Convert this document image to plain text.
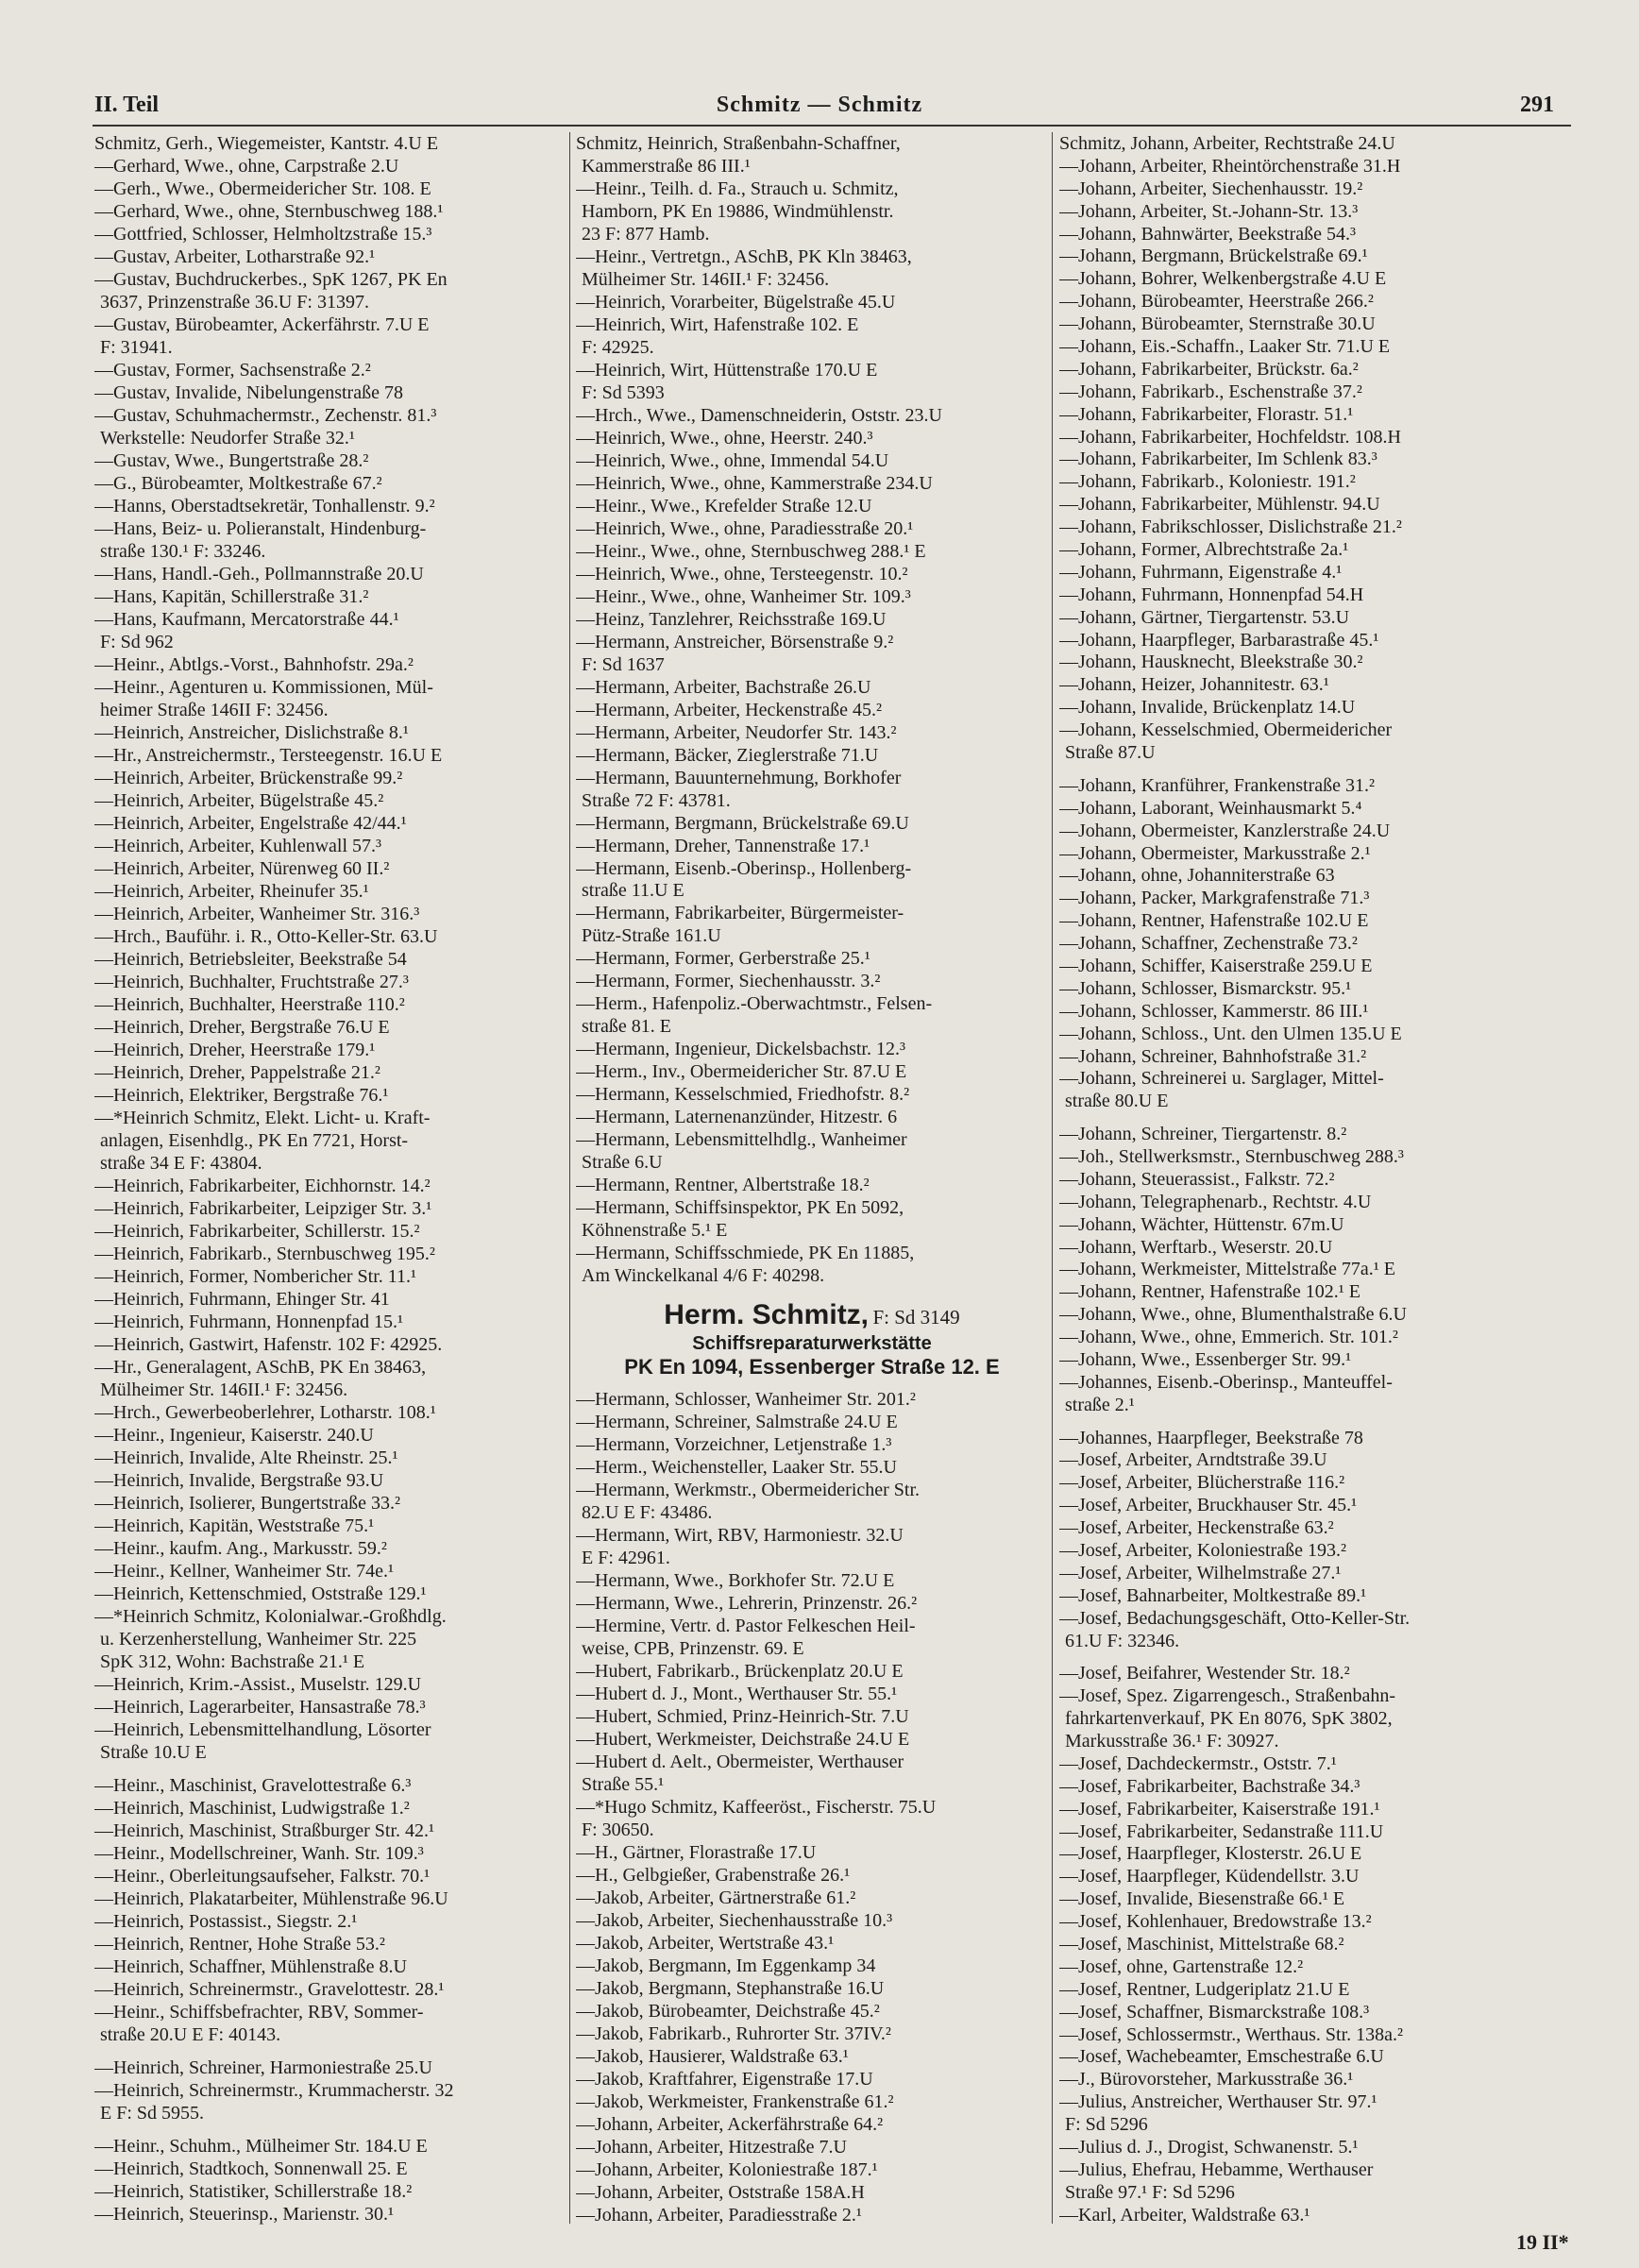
II. Teil	Schmitz — Schmitz	291
Schmitz, Gerh., Wiegemeister, Kantstr. 4.U E
—Gerhard, Wwe., ohne, Carpstraße 2.U
—Gerh., Wwe., Obermeidericher Str. 108. E
—Gerhard, Wwe., ohne, Sternbuschweg 188.¹
—Gottfried, Schlosser, Helmholtzstraße 15.³
—Gustav, Arbeiter, Lotharstraße 92.¹
—Gustav, Buchdruckerbes., SpK 1267, PK En
3637, Prinzenstraße 36.U F: 31397.
—Gustav, Bürobeamter, Ackerfährstr. 7.U E
F: 31941.
—Gustav, Former, Sachsenstraße 2.²
—Gustav, Invalide, Nibelungenstraße 78
—Gustav, Schuhmachermstr., Zechenstr. 81.³
Werkstelle: Neudorfer Straße 32.¹
—Gustav, Wwe., Bungertstraße 28.²
—G., Bürobeamter, Moltkestraße 67.²
—Hanns, Oberstadtsekretär, Tonhallenstr. 9.²
—Hans, Beiz- u. Polieranstalt, Hindenburg-
straße 130.¹ F: 33246.
—Hans, Handl.-Geh., Pollmannstraße 20.U
—Hans, Kapitän, Schillerstraße 31.²
—Hans, Kaufmann, Mercatorstraße 44.¹
F: Sd 962
—Heinr., Abtlgs.-Vorst., Bahnhofstr. 29a.²
—Heinr., Agenturen u. Kommissionen, Mül-
heimer Straße 146II F: 32456.
—Heinrich, Anstreicher, Dislichstraße 8.¹
—Hr., Anstreichermstr., Tersteegenstr. 16.U E
—Heinrich, Arbeiter, Brückenstraße 99.²
—Heinrich, Arbeiter, Bügelstraße 45.²
—Heinrich, Arbeiter, Engelstraße 42/44.¹
—Heinrich, Arbeiter, Kuhlenwall 57.³
—Heinrich, Arbeiter, Nürenweg 60 II.²
—Heinrich, Arbeiter, Rheinufer 35.¹
—Heinrich, Arbeiter, Wanheimer Str. 316.³
—Hrch., Bauführ. i. R., Otto-Keller-Str. 63.U
—Heinrich, Betriebsleiter, Beekstraße 54
—Heinrich, Buchhalter, Fruchtstraße 27.³
—Heinrich, Buchhalter, Heerstraße 110.²
—Heinrich, Dreher, Bergstraße 76.U E
—Heinrich, Dreher, Heerstraße 179.¹
—Heinrich, Dreher, Pappelstraße 21.²
—Heinrich, Elektriker, Bergstraße 76.¹
—*Heinrich Schmitz, Elekt. Licht- u. Kraft-
anlagen, Eisenhdlg., PK En 7721, Horst-
straße 34 E F: 43804.
—Heinrich, Fabrikarbeiter, Eichhornstr. 14.²
—Heinrich, Fabrikarbeiter, Leipziger Str. 3.¹
—Heinrich, Fabrikarbeiter, Schillerstr. 15.²
—Heinrich, Fabrikarb., Sternbuschweg 195.²
—Heinrich, Former, Nombericher Str. 11.¹
—Heinrich, Fuhrmann, Ehinger Str. 41
—Heinrich, Fuhrmann, Honnenpfad 15.¹
—Heinrich, Gastwirt, Hafenstr. 102 F: 42925.
—Hr., Generalagent, ASchB, PK En 38463,
Mülheimer Str. 146II.¹ F: 32456.
—Hrch., Gewerbeoberlehrer, Lotharstr. 108.¹
—Heinr., Ingenieur, Kaiserstr. 240.U
—Heinrich, Invalide, Alte Rheinstr. 25.¹
—Heinrich, Invalide, Bergstraße 93.U
—Heinrich, Isolierer, Bungertstraße 33.²
—Heinrich, Kapitän, Weststraße 75.¹
—Heinr., kaufm. Ang., Markusstr. 59.²
—Heinr., Kellner, Wanheimer Str. 74e.¹
—Heinrich, Kettenschmied, Oststraße 129.¹
—*Heinrich Schmitz, Kolonialwar.-Großhdlg.
u. Kerzenherstellung, Wanheimer Str. 225
SpK 312, Wohn: Bachstraße 21.¹ E
—Heinrich, Krim.-Assist., Muselstr. 129.U
—Heinrich, Lagerarbeiter, Hansastraße 78.³
—Heinrich, Lebensmittelhandlung, Lösorter
Straße 10.U E
—Heinr., Maschinist, Gravelottestraße 6.³
—Heinrich, Maschinist, Ludwigstraße 1.²
—Heinrich, Maschinist, Straßburger Str. 42.¹
—Heinr., Modellschreiner, Wanh. Str. 109.³
—Heinr., Oberleitungsaufseher, Falkstr. 70.¹
—Heinrich, Plakatarbeiter, Mühlenstraße 96.U
—Heinrich, Postassist., Siegstr. 2.¹
—Heinrich, Rentner, Hohe Straße 53.²
—Heinrich, Schaffner, Mühlenstraße 8.U
—Heinrich, Schreinermstr., Gravelottestr. 28.¹
—Heinr., Schiffsbefrachter, RBV, Sommer-
straße 20.U E F: 40143.
—Heinrich, Schreiner, Harmoniestraße 25.U
—Heinrich, Schreinermstr., Krummacherstr. 32
E F: Sd 5955.
—Heinr., Schuhm., Mülheimer Str. 184.U E
—Heinrich, Stadtkoch, Sonnenwall 25. E
—Heinrich, Statistiker, Schillerstraße 18.²
—Heinrich, Steuerinsp., Marienstr. 30.¹
Schmitz, Heinrich, Straßenbahn-Schaffner,
Kammerstraße 86 III.¹
—Heinr., Teilh. d. Fa., Strauch u. Schmitz,
Hamborn, PK En 19886, Windmühlenstr.
23 F: 877 Hamb.
—Heinr., Vertretgn., ASchB, PK Kln 38463,
Mülheimer Str. 146II.¹ F: 32456.
—Heinrich, Vorarbeiter, Bügelstraße 45.U
—Heinrich, Wirt, Hafenstraße 102. E
F: 42925.
—Heinrich, Wirt, Hüttenstraße 170.U E
F: Sd 5393
—Hrch., Wwe., Damenschneiderin, Oststr. 23.U
—Heinrich, Wwe., ohne, Heerstr. 240.³
—Heinrich, Wwe., ohne, Immendal 54.U
—Heinrich, Wwe., ohne, Kammerstraße 234.U
—Heinr., Wwe., Krefelder Straße 12.U
—Heinrich, Wwe., ohne, Paradiesstraße 20.¹
—Heinr., Wwe., ohne, Sternbuschweg 288.¹ E
—Heinrich, Wwe., ohne, Tersteegenstr. 10.²
—Heinr., Wwe., ohne, Wanheimer Str. 109.³
—Heinz, Tanzlehrer, Reichsstraße 169.U
—Hermann, Anstreicher, Börsenstraße 9.²
F: Sd 1637
—Hermann, Arbeiter, Bachstraße 26.U
—Hermann, Arbeiter, Heckenstraße 45.²
—Hermann, Arbeiter, Neudorfer Str. 143.²
—Hermann, Bäcker, Zieglerstraße 71.U
—Hermann, Bauunternehmung, Borkhofer
Straße 72 F: 43781.
—Hermann, Bergmann, Brückelstraße 69.U
—Hermann, Dreher, Tannenstraße 17.¹
—Hermann, Eisenb.-Oberinsp., Hollenberg-
straße 11.U E
—Hermann, Fabrikarbeiter, Bürgermeister-
Pütz-Straße 161.U
—Hermann, Former, Gerberstraße 25.¹
—Hermann, Former, Siechenhausstr. 3.²
—Herm., Hafenpoliz.-Oberwachtmstr., Felsen-
straße 81. E
—Hermann, Ingenieur, Dickelsbachstr. 12.³
—Herm., Inv., Obermeidericher Str. 87.U E
—Hermann, Kesselschmied, Friedhofstr. 8.²
—Hermann, Laternenanzünder, Hitzestr. 6
—Hermann, Lebensmittelhdlg., Wanheimer
Straße 6.U
—Hermann, Rentner, Albertstraße 18.²
—Hermann, Schiffsinspektor, PK En 5092,
Köhnenstraße 5.¹ E
—Hermann, Schiffsschmiede, PK En 11885,
Am Winckelkanal 4/6 F: 40298.
Herm. Schmitz, F: Sd 3149
Schiffsreparaturwerkstätte
PK En 1094, Essenberger Straße 12. E
—Hermann, Schlosser, Wanheimer Str. 201.²
—Hermann, Schreiner, Salmstraße 24.U E
—Hermann, Vorzeichner, Letjenstraße 1.³
—Herm., Weichensteller, Laaker Str. 55.U
—Hermann, Werkmstr., Obermeidericher Str.
82.U E F: 43486.
—Hermann, Wirt, RBV, Harmoniestr. 32.U
E F: 42961.
—Hermann, Wwe., Borkhofer Str. 72.U E
—Hermann, Wwe., Lehrerin, Prinzenstr. 26.²
—Hermine, Vertr. d. Pastor Felkeschen Heil-
weise, CPB, Prinzenstr. 69. E
—Hubert, Fabrikarb., Brückenplatz 20.U E
—Hubert d. J., Mont., Werthauser Str. 55.¹
—Hubert, Schmied, Prinz-Heinrich-Str. 7.U
—Hubert, Werkmeister, Deichstraße 24.U E
—Hubert d. Aelt., Obermeister, Werthauser
Straße 55.¹
—*Hugo Schmitz, Kaffeeröst., Fischerstr. 75.U
F: 30650.
—H., Gärtner, Florastraße 17.U
—H., Gelbgießer, Grabenstraße 26.¹
—Jakob, Arbeiter, Gärtnerstraße 61.²
—Jakob, Arbeiter, Siechenhausstraße 10.³
—Jakob, Arbeiter, Wertstraße 43.¹
—Jakob, Bergmann, Im Eggenkamp 34
—Jakob, Bergmann, Stephanstraße 16.U
—Jakob, Bürobeamter, Deichstraße 45.²
—Jakob, Fabrikarb., Ruhrorter Str. 37IV.²
—Jakob, Hausierer, Waldstraße 63.¹
—Jakob, Kraftfahrer, Eigenstraße 17.U
—Jakob, Werkmeister, Frankenstraße 61.²
—Johann, Arbeiter, Ackerfährstraße 64.²
—Johann, Arbeiter, Hitzestraße 7.U
—Johann, Arbeiter, Koloniestraße 187.¹
—Johann, Arbeiter, Oststraße 158A.H
—Johann, Arbeiter, Paradiesstraße 2.¹
Schmitz, Johann, Arbeiter, Rechtstraße 24.U
—Johann, Arbeiter, Rheintörchenstraße 31.H
—Johann, Arbeiter, Siechenhausstr. 19.²
—Johann, Arbeiter, St.-Johann-Str. 13.³
—Johann, Bahnwärter, Beekstraße 54.³
—Johann, Bergmann, Brückelstraße 69.¹
—Johann, Bohrer, Welkenbergstraße 4.U E
—Johann, Bürobeamter, Heerstraße 266.²
—Johann, Bürobeamter, Sternstraße 30.U
—Johann, Eis.-Schaffn., Laaker Str. 71.U E
—Johann, Fabrikarbeiter, Brückstr. 6a.²
—Johann, Fabrikarb., Eschenstraße 37.²
—Johann, Fabrikarbeiter, Florastr. 51.¹
—Johann, Fabrikarbeiter, Hochfeldstr. 108.H
—Johann, Fabrikarbeiter, Im Schlenk 83.³
—Johann, Fabrikarb., Koloniestr. 191.²
—Johann, Fabrikarbeiter, Mühlenstr. 94.U
—Johann, Fabrikschlosser, Dislichstraße 21.²
—Johann, Former, Albrechtstraße 2a.¹
—Johann, Fuhrmann, Eigenstraße 4.¹
—Johann, Fuhrmann, Honnenpfad 54.H
—Johann, Gärtner, Tiergartenstr. 53.U
—Johann, Haarpfleger, Barbarastraße 45.¹
—Johann, Hausknecht, Bleekstraße 30.²
—Johann, Heizer, Johannitestr. 63.¹
—Johann, Invalide, Brückenplatz 14.U
—Johann, Kesselschmied, Obermeidericher
Straße 87.U
—Johann, Kranführer, Frankenstraße 31.²
—Johann, Laborant, Weinhausmarkt 5.⁴
—Johann, Obermeister, Kanzlerstraße 24.U
—Johann, Obermeister, Markusstraße 2.¹
—Johann, ohne, Johanniterstraße 63
—Johann, Packer, Markgrafenstraße 71.³
—Johann, Rentner, Hafenstraße 102.U E
—Johann, Schaffner, Zechenstraße 73.²
—Johann, Schiffer, Kaiserstraße 259.U E
—Johann, Schlosser, Bismarckstr. 95.¹
—Johann, Schlosser, Kammerstr. 86 III.¹
—Johann, Schloss., Unt. den Ulmen 135.U E
—Johann, Schreiner, Bahnhofstraße 31.²
—Johann, Schreinerei u. Sarglager, Mittel-
straße 80.U E
—Johann, Schreiner, Tiergartenstr. 8.²
—Joh., Stellwerksmstr., Sternbuschweg 288.³
—Johann, Steuerassist., Falkstr. 72.²
—Johann, Telegraphenarb., Rechtstr. 4.U
—Johann, Wächter, Hüttenstr. 67m.U
—Johann, Werftarb., Weserstr. 20.U
—Johann, Werkmeister, Mittelstraße 77a.¹ E
—Johann, Rentner, Hafenstraße 102.¹ E
—Johann, Wwe., ohne, Blumenthalstraße 6.U
—Johann, Wwe., ohne, Emmerich. Str. 101.²
—Johann, Wwe., Essenberger Str. 99.¹
—Johannes, Eisenb.-Oberinsp., Manteuffel-
straße 2.¹
—Johannes, Haarpfleger, Beekstraße 78
—Josef, Arbeiter, Arndtstraße 39.U
—Josef, Arbeiter, Blücherstraße 116.²
—Josef, Arbeiter, Bruckhauser Str. 45.¹
—Josef, Arbeiter, Heckenstraße 63.²
—Josef, Arbeiter, Koloniestraße 193.²
—Josef, Arbeiter, Wilhelmstraße 27.¹
—Josef, Bahnarbeiter, Moltkestraße 89.¹
—Josef, Bedachungsgeschäft, Otto-Keller-Str.
61.U F: 32346.
—Josef, Beifahrer, Westender Str. 18.²
—Josef, Spez. Zigarrengesch., Straßenbahn-
fahrkartenverkauf, PK En 8076, SpK 3802,
Markusstraße 36.¹ F: 30927.
—Josef, Dachdeckermstr., Oststr. 7.¹
—Josef, Fabrikarbeiter, Bachstraße 34.³
—Josef, Fabrikarbeiter, Kaiserstraße 191.¹
—Josef, Fabrikarbeiter, Sedanstraße 111.U
—Josef, Haarpfleger, Klosterstr. 26.U E
—Josef, Haarpfleger, Küdendellstr. 3.U
—Josef, Invalide, Biesenstraße 66.¹ E
—Josef, Kohlenhauer, Bredowstraße 13.²
—Josef, Maschinist, Mittelstraße 68.²
—Josef, ohne, Gartenstraße 12.²
—Josef, Rentner, Ludgeriplatz 21.U E
—Josef, Schaffner, Bismarckstraße 108.³
—Josef, Schlossermstr., Werthaus. Str. 138a.²
—Josef, Wachebeamter, Emschestraße 6.U
—J., Bürovorsteher, Markusstraße 36.¹
—Julius, Anstreicher, Werthauser Str. 97.¹
F: Sd 5296
—Julius d. J., Drogist, Schwanenstr. 5.¹
—Julius, Ehefrau, Hebamme, Werthauser
Straße 97.¹ F: Sd 5296
—Karl, Arbeiter, Waldstraße 63.¹
19 II*
